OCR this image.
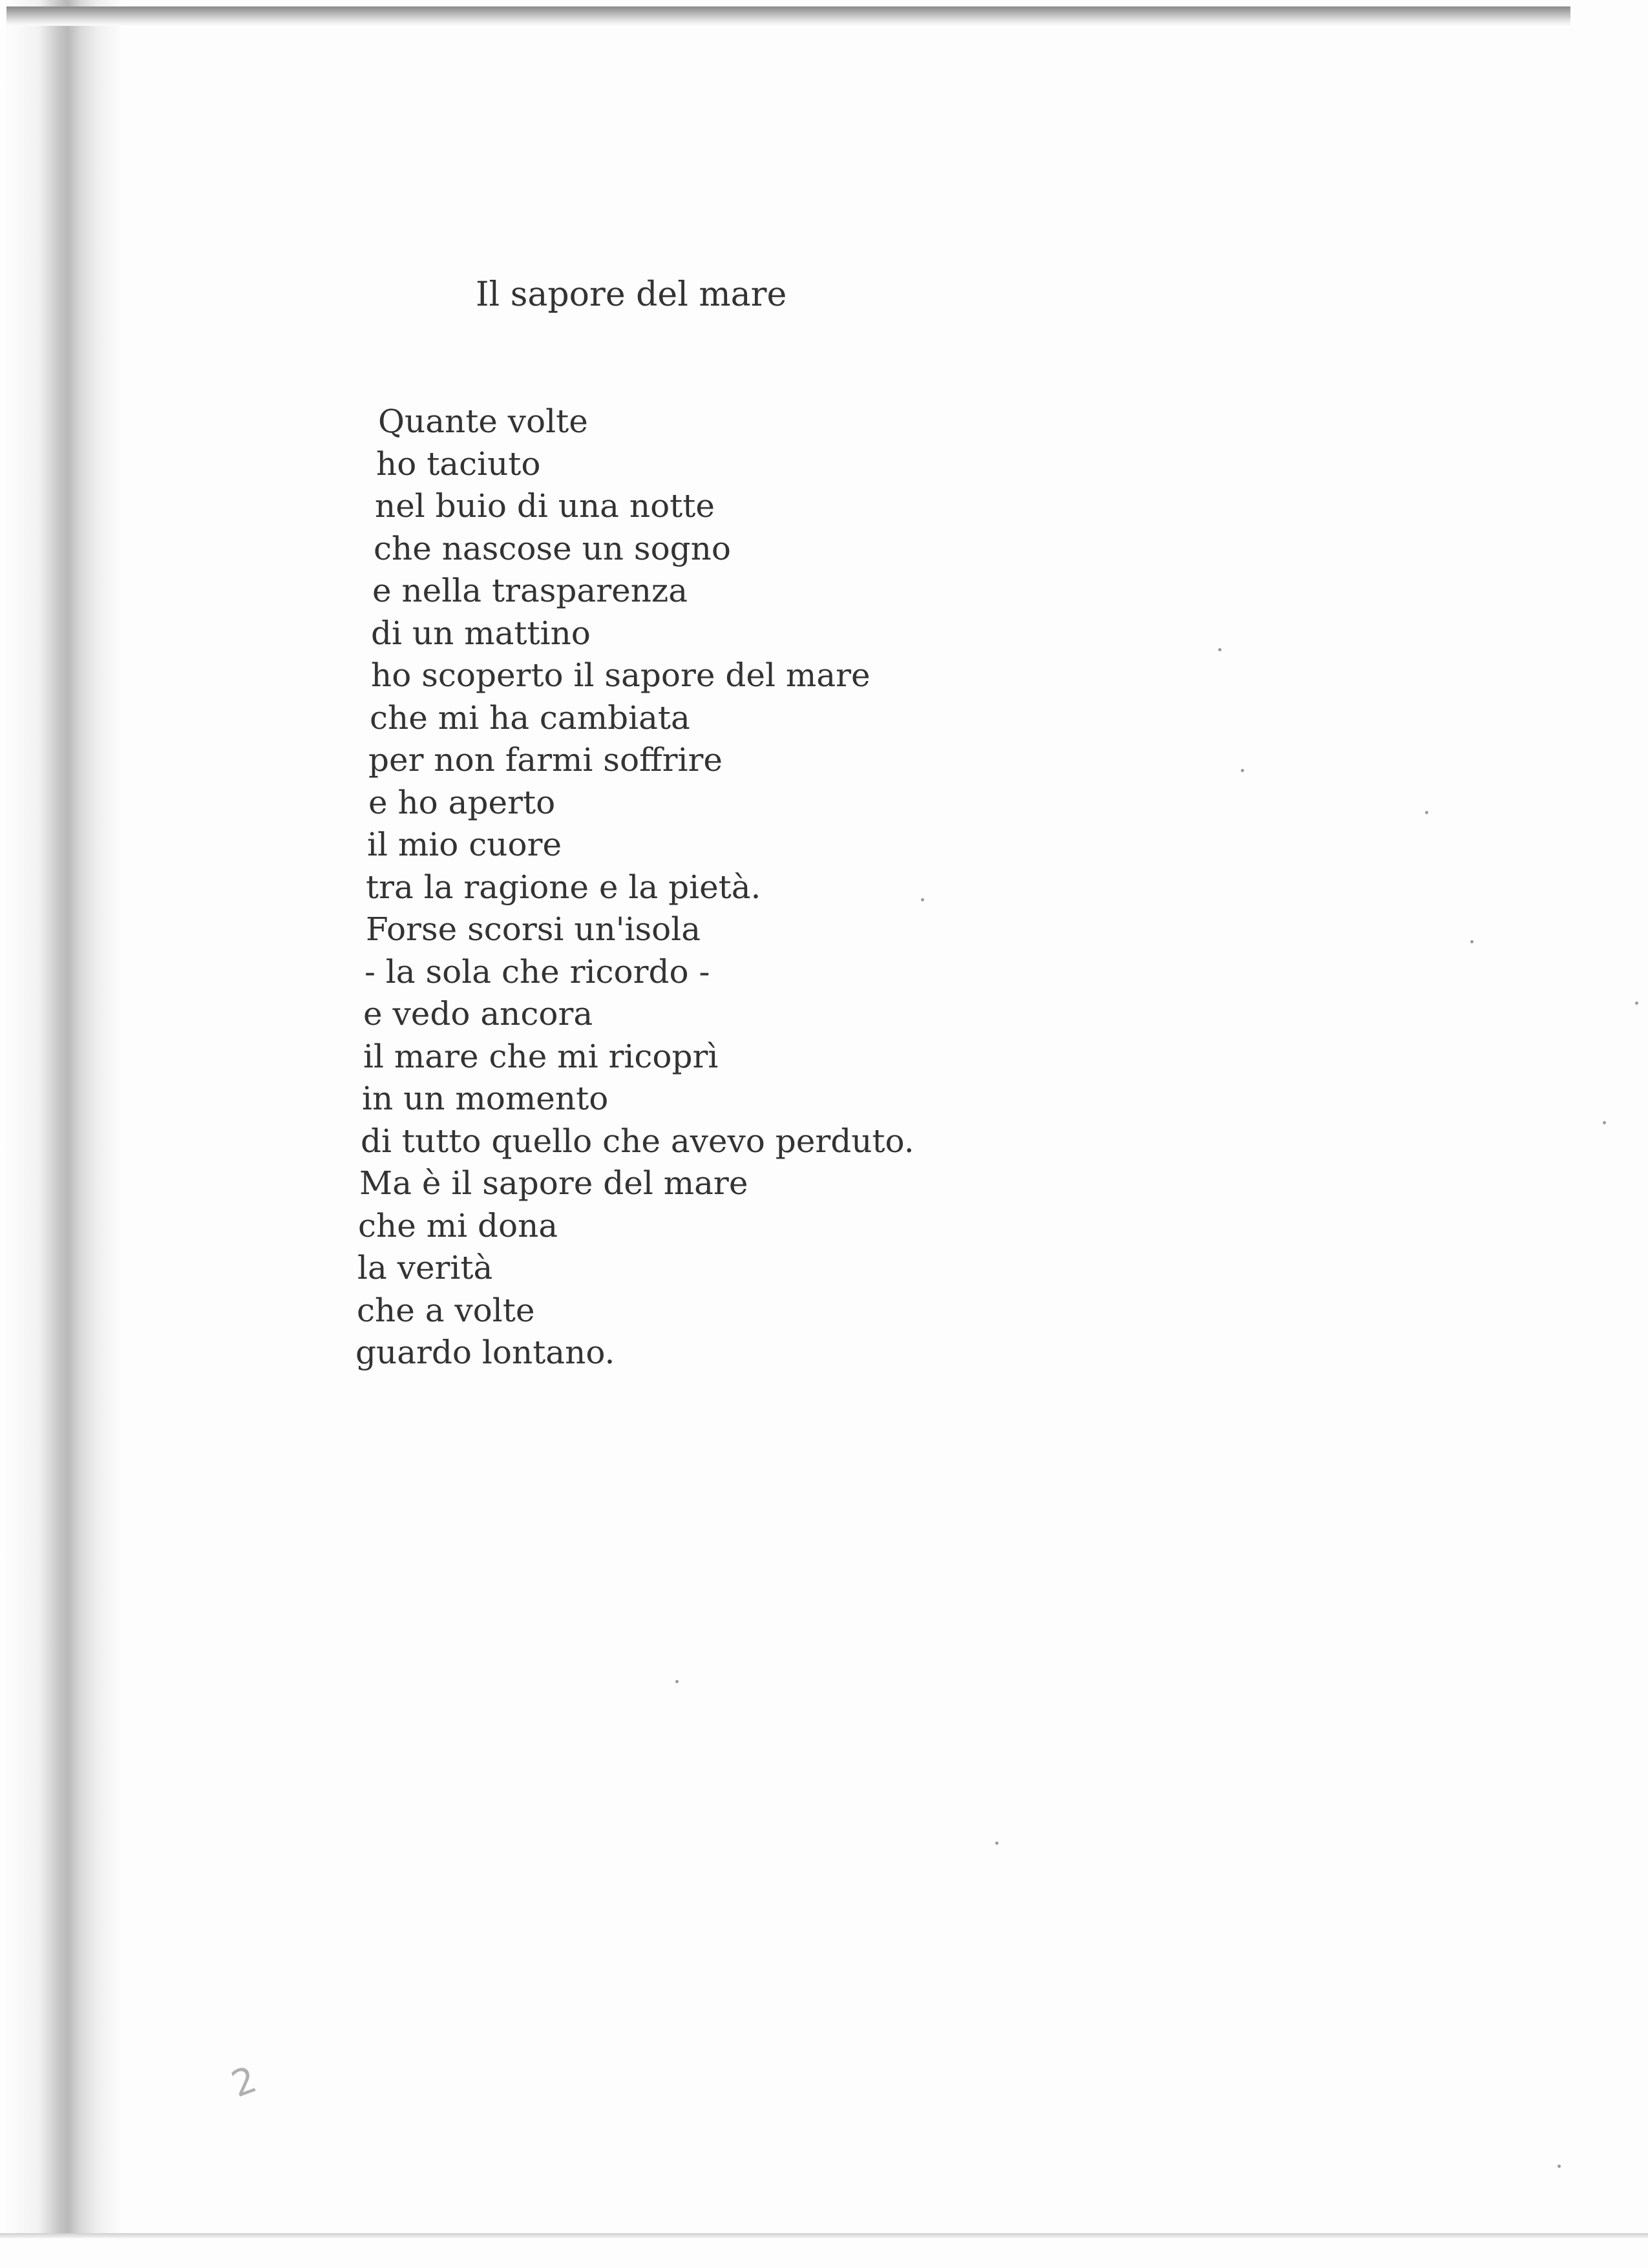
Il sapore del mare
Quante volte
ho taciuto
nel buio di una notte
che nascose un sogno
e nella trasparenza
di un mattino
ho scoperto il sapore del mare
che mi ha cambiata
per non farmi soffrire
e ho aperto
il mio cuore
tra la ragione e la pietà.
Forse scorsi un'isola
- la sola che ricordo -
e vedo ancora
il mare che mi ricoprì
in un momento
di tutto quello che avevo perduto.
Ma è il sapore del mare
che mi dona
la verità
che a volte
guardo lontano.
2
